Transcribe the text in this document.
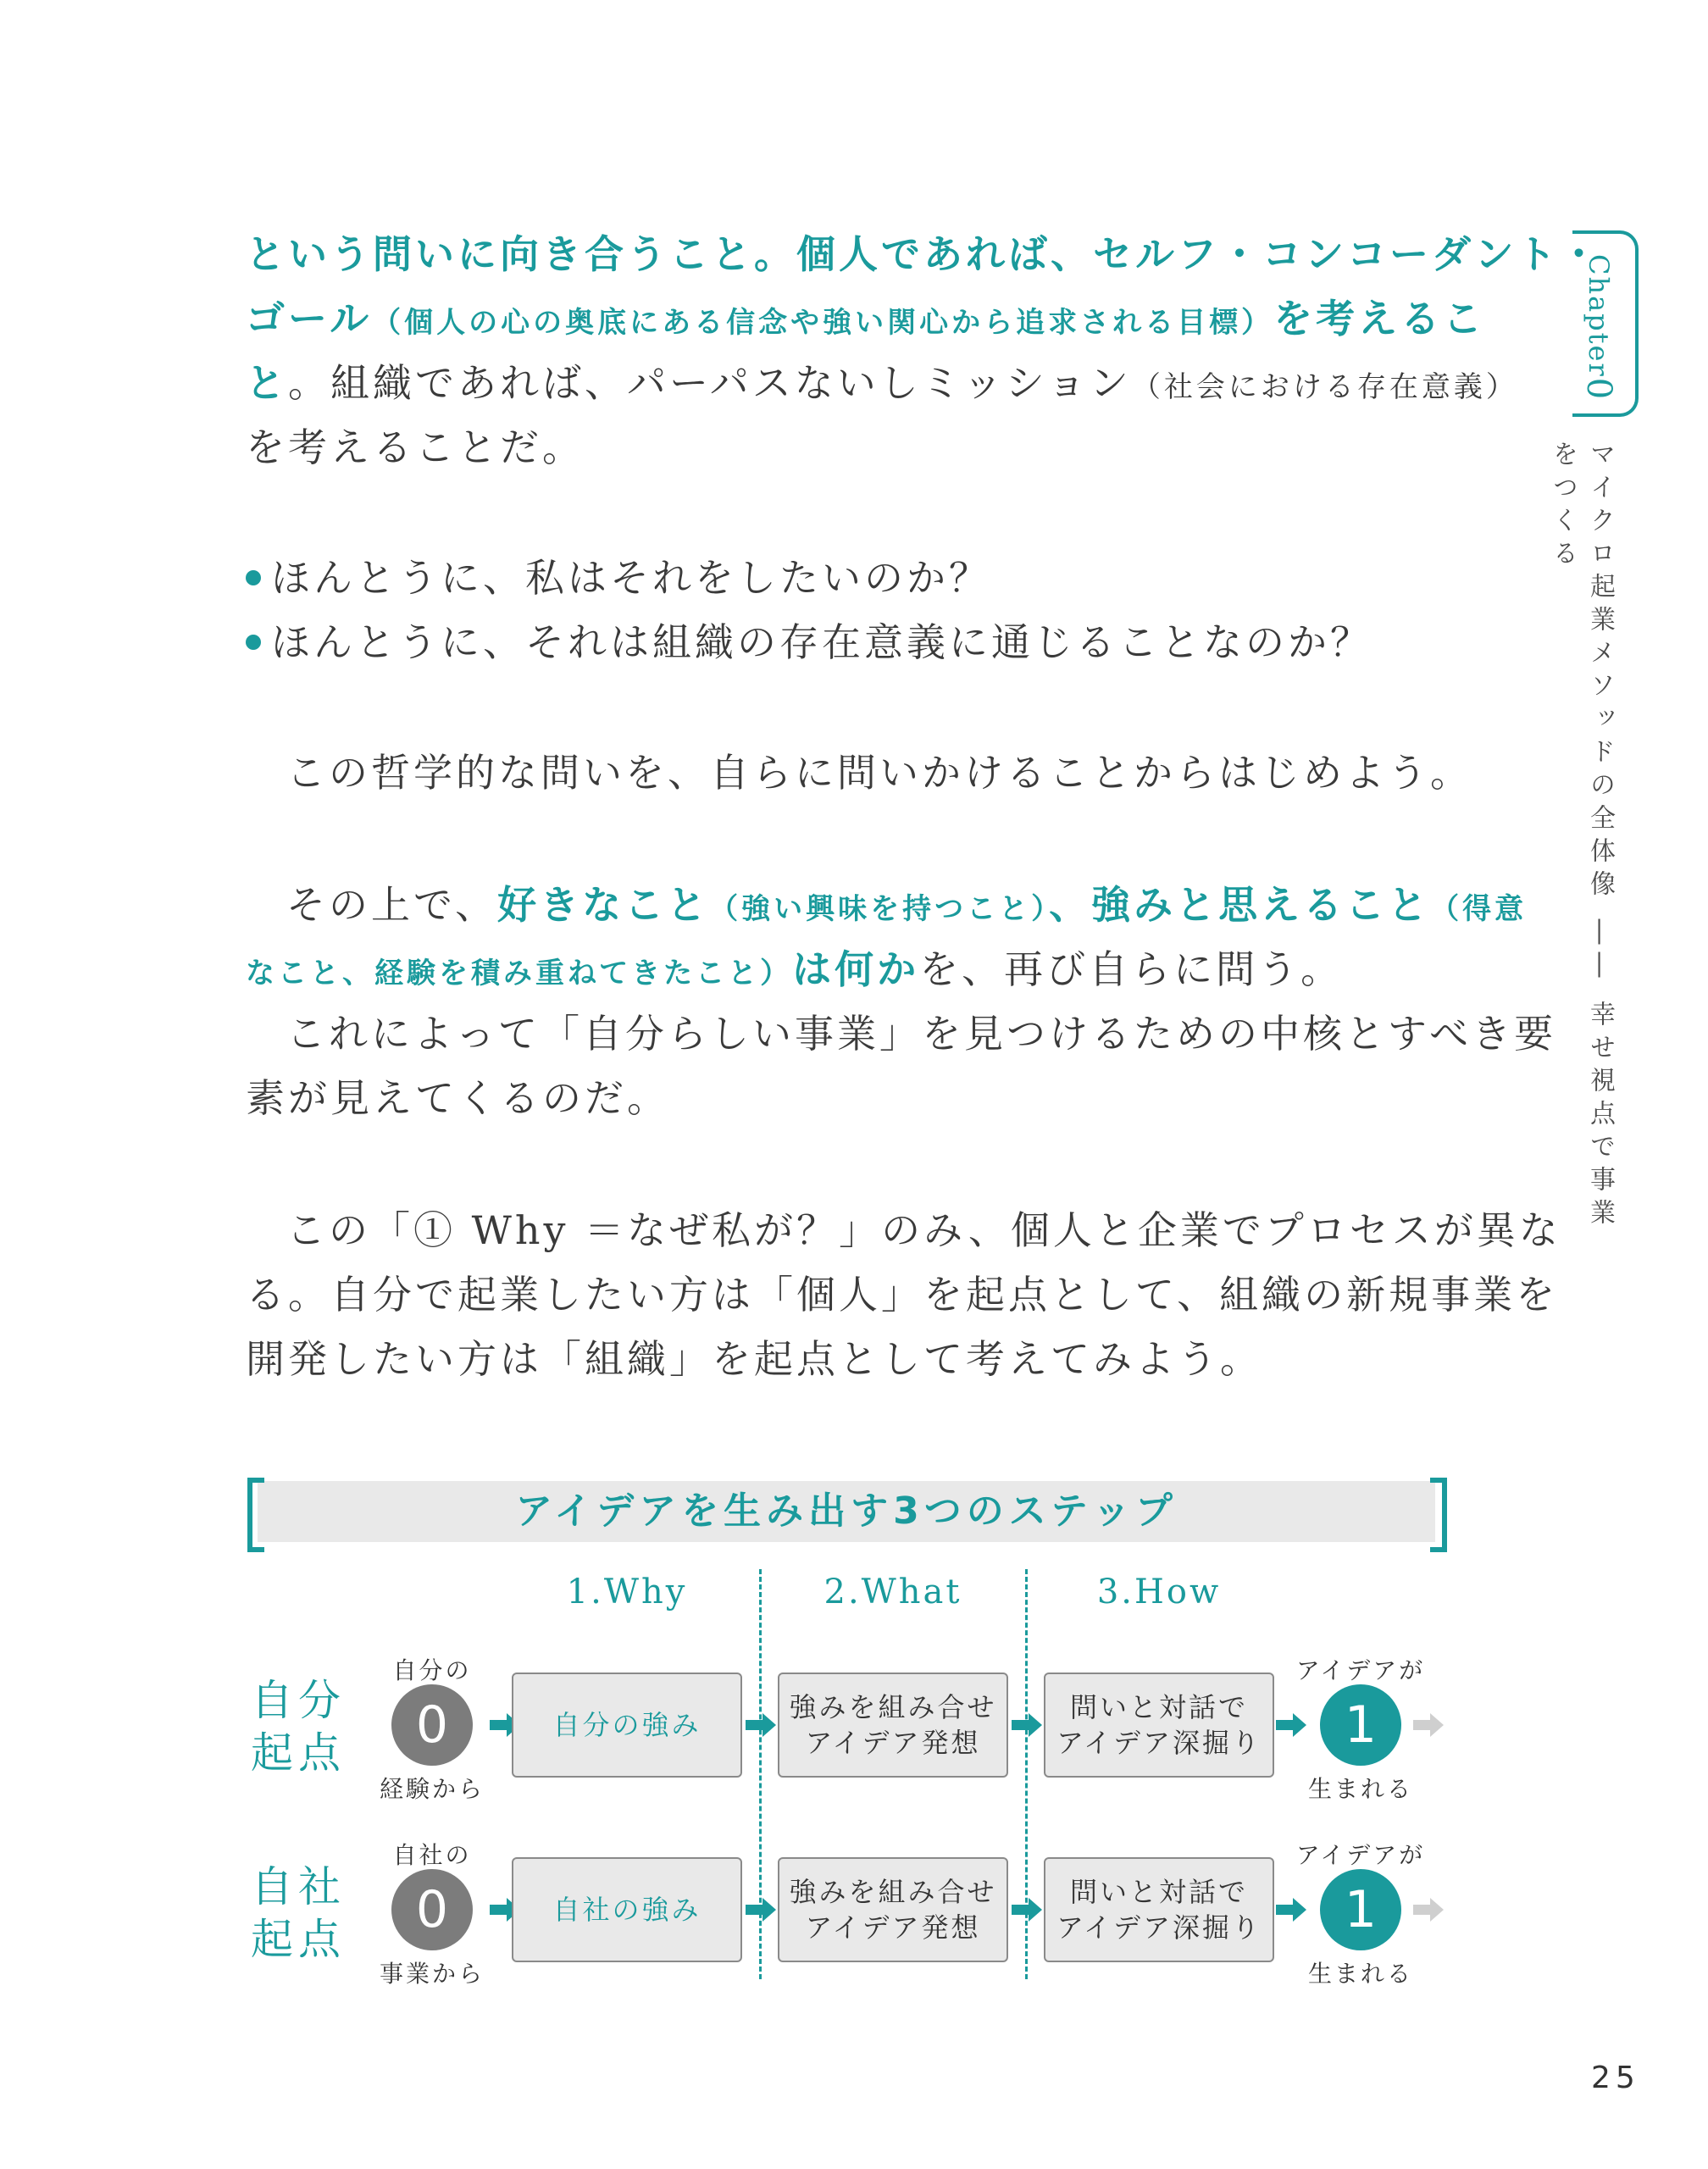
という問いに向き合うこと。個人であれば、セルフ・コンコーダント・
ゴール（個人の心の奥底にある信念や強い関心から追求される目標）を考えるこ
と。組織であれば、パーパスないしミッション（社会における存在意義）
を考えることだ。
ほんとうに、私はそれをしたいのか？
ほんとうに、それは組織の存在意義に通じることなのか？
この哲学的な問いを、自らに問いかけることからはじめよう。
その上で、好きなこと（強い興味を持つこと）、強みと思えること（得意
なこと、経験を積み重ねてきたこと）は何かを、再び自らに問う。
これによって「自分らしい事業」を見つけるための中核とすべき要
素が見えてくるのだ。
この「① Why ＝なぜ私が？」のみ、個人と企業でプロセスが異な
る。自分で起業したい方は「個人」を起点として、組織の新規事業を
開発したい方は「組織」を起点として考えてみよう。
Chapter0
マイクロ起業メソッドの全体像 ―― 幸せ視点で事業をつくる
アイデアを生み出す3つのステップ
1.Why	2.What	3.How
自分
起点
自分の
0
経験から
自分の強み
強みを組み合せ
アイデア発想
問いと対話で
アイデア深掘り
アイデアが
1
生まれる
自社
起点
自社の
0
事業から
自社の強み
強みを組み合せ
アイデア発想
問いと対話で
アイデア深掘り
アイデアが
1
生まれる
25
